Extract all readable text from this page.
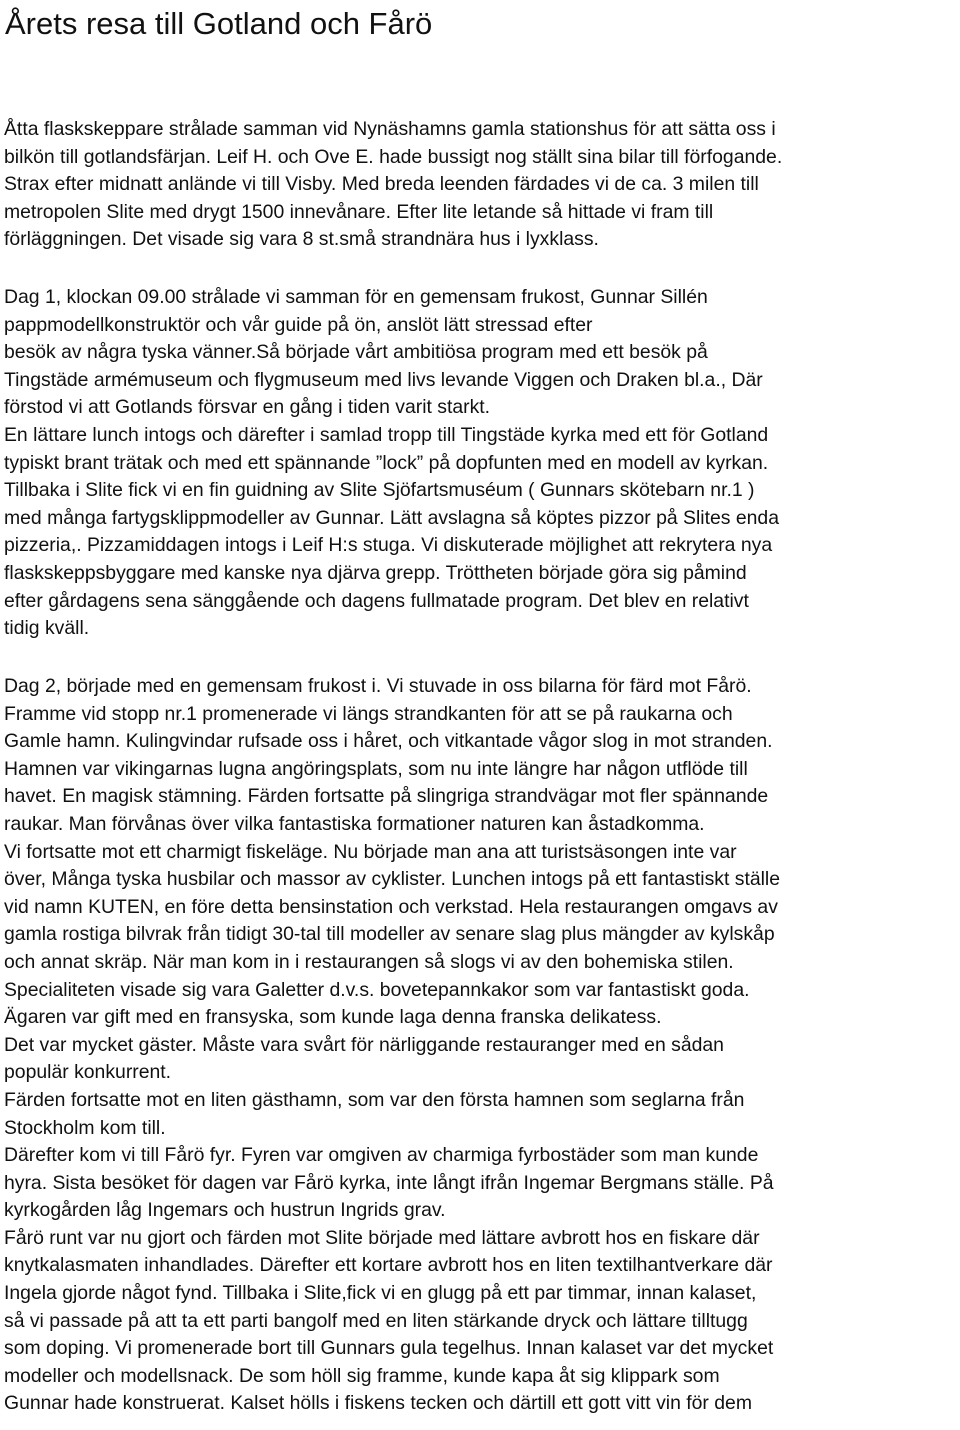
Årets resa till Gotland och Fårö
Åtta flaskskeppare strålade samman vid Nynäshamns gamla stationshus för att sätta oss i
bilkön till gotlandsfärjan. Leif H. och Ove E. hade bussigt nog ställt sina bilar till förfogande.
Strax efter midnatt anlände vi till Visby. Med breda leenden färdades vi de ca. 3 milen till
metropolen Slite med drygt 1500 innevånare. Efter lite letande så hittade vi fram till
förläggningen. Det visade sig vara 8 st.små strandnära hus i lyxklass.
Dag 1, klockan 09.00 strålade vi samman för en gemensam frukost, Gunnar Sillén
pappmodellkonstruktör och vår guide på ön, anslöt lätt stressad efter
besök av några tyska vänner.Så började vårt ambitiösa program med ett besök på
Tingstäde armémuseum och flygmuseum med livs levande Viggen och Draken bl.a., Där
förstod vi att Gotlands försvar en gång i tiden varit starkt.
En lättare lunch intogs och därefter i samlad tropp till Tingstäde kyrka med ett för Gotland
typiskt brant trätak och med ett spännande ”lock” på dopfunten med en modell av kyrkan.
Tillbaka i Slite fick vi en fin guidning av Slite Sjöfartsmuséum ( Gunnars skötebarn nr.1 )
med många fartygsklippmodeller av Gunnar. Lätt avslagna så köptes pizzor på Slites enda
pizzeria,. Pizzamiddagen intogs i Leif H:s stuga. Vi diskuterade möjlighet att rekrytera nya
flaskskeppsbyggare med kanske nya djärva grepp. Tröttheten började göra sig påmind
efter gårdagens sena sänggående och dagens fullmatade program. Det blev en relativt
tidig kväll.
Dag 2, började med en gemensam frukost i. Vi stuvade in oss bilarna för färd mot Fårö.
Framme vid stopp nr.1 promenerade vi längs strandkanten för att se på raukarna och
Gamle hamn. Kulingvindar rufsade oss i håret, och vitkantade vågor slog in mot stranden.
Hamnen var vikingarnas lugna angöringsplats, som nu inte längre har någon utflöde till
havet. En magisk stämning. Färden fortsatte på slingriga strandvägar mot fler spännande
raukar. Man förvånas över vilka fantastiska formationer naturen kan åstadkomma.
Vi fortsatte mot ett charmigt fiskeläge. Nu började man ana att turistsäsongen inte var
över, Många tyska husbilar och massor av cyklister. Lunchen intogs på ett fantastiskt ställe
vid namn KUTEN, en före detta bensinstation och verkstad. Hela restaurangen omgavs av
gamla rostiga bilvrak från tidigt 30-tal till modeller av senare slag plus mängder av kylskåp
och annat skräp. När man kom in i restaurangen så slogs vi av den bohemiska stilen.
Specialiteten visade sig vara Galetter d.v.s. bovetepannkakor som var fantastiskt goda.
Ägaren var gift med en fransyska, som kunde laga denna franska delikatess.
Det var mycket gäster. Måste vara svårt för närliggande restauranger med en sådan
populär konkurrent.
Färden fortsatte mot en liten gästhamn, som var den första hamnen som seglarna från
Stockholm kom till.
Därefter kom vi till Fårö fyr. Fyren var omgiven av charmiga fyrbostäder som man kunde
hyra. Sista besöket för dagen var Fårö kyrka, inte långt ifrån Ingemar Bergmans ställe. På
kyrkogården låg Ingemars och hustrun Ingrids grav.
Fårö runt var nu gjort och färden mot Slite började med lättare avbrott hos en fiskare där
knytkalasmaten inhandlades. Därefter ett kortare avbrott hos en liten textilhantverkare där
Ingela gjorde något fynd. Tillbaka i Slite,fick vi en glugg på ett par timmar, innan kalaset,
så vi passade på att ta ett parti bangolf med en liten stärkande dryck och lättare tilltugg
som doping. Vi promenerade bort till Gunnars gula tegelhus. Innan kalaset var det mycket
modeller och modellsnack. De som höll sig framme, kunde kapa åt sig klippark som
Gunnar hade konstruerat. Kalset hölls i fiskens tecken och därtill ett gott vitt vin för dem
